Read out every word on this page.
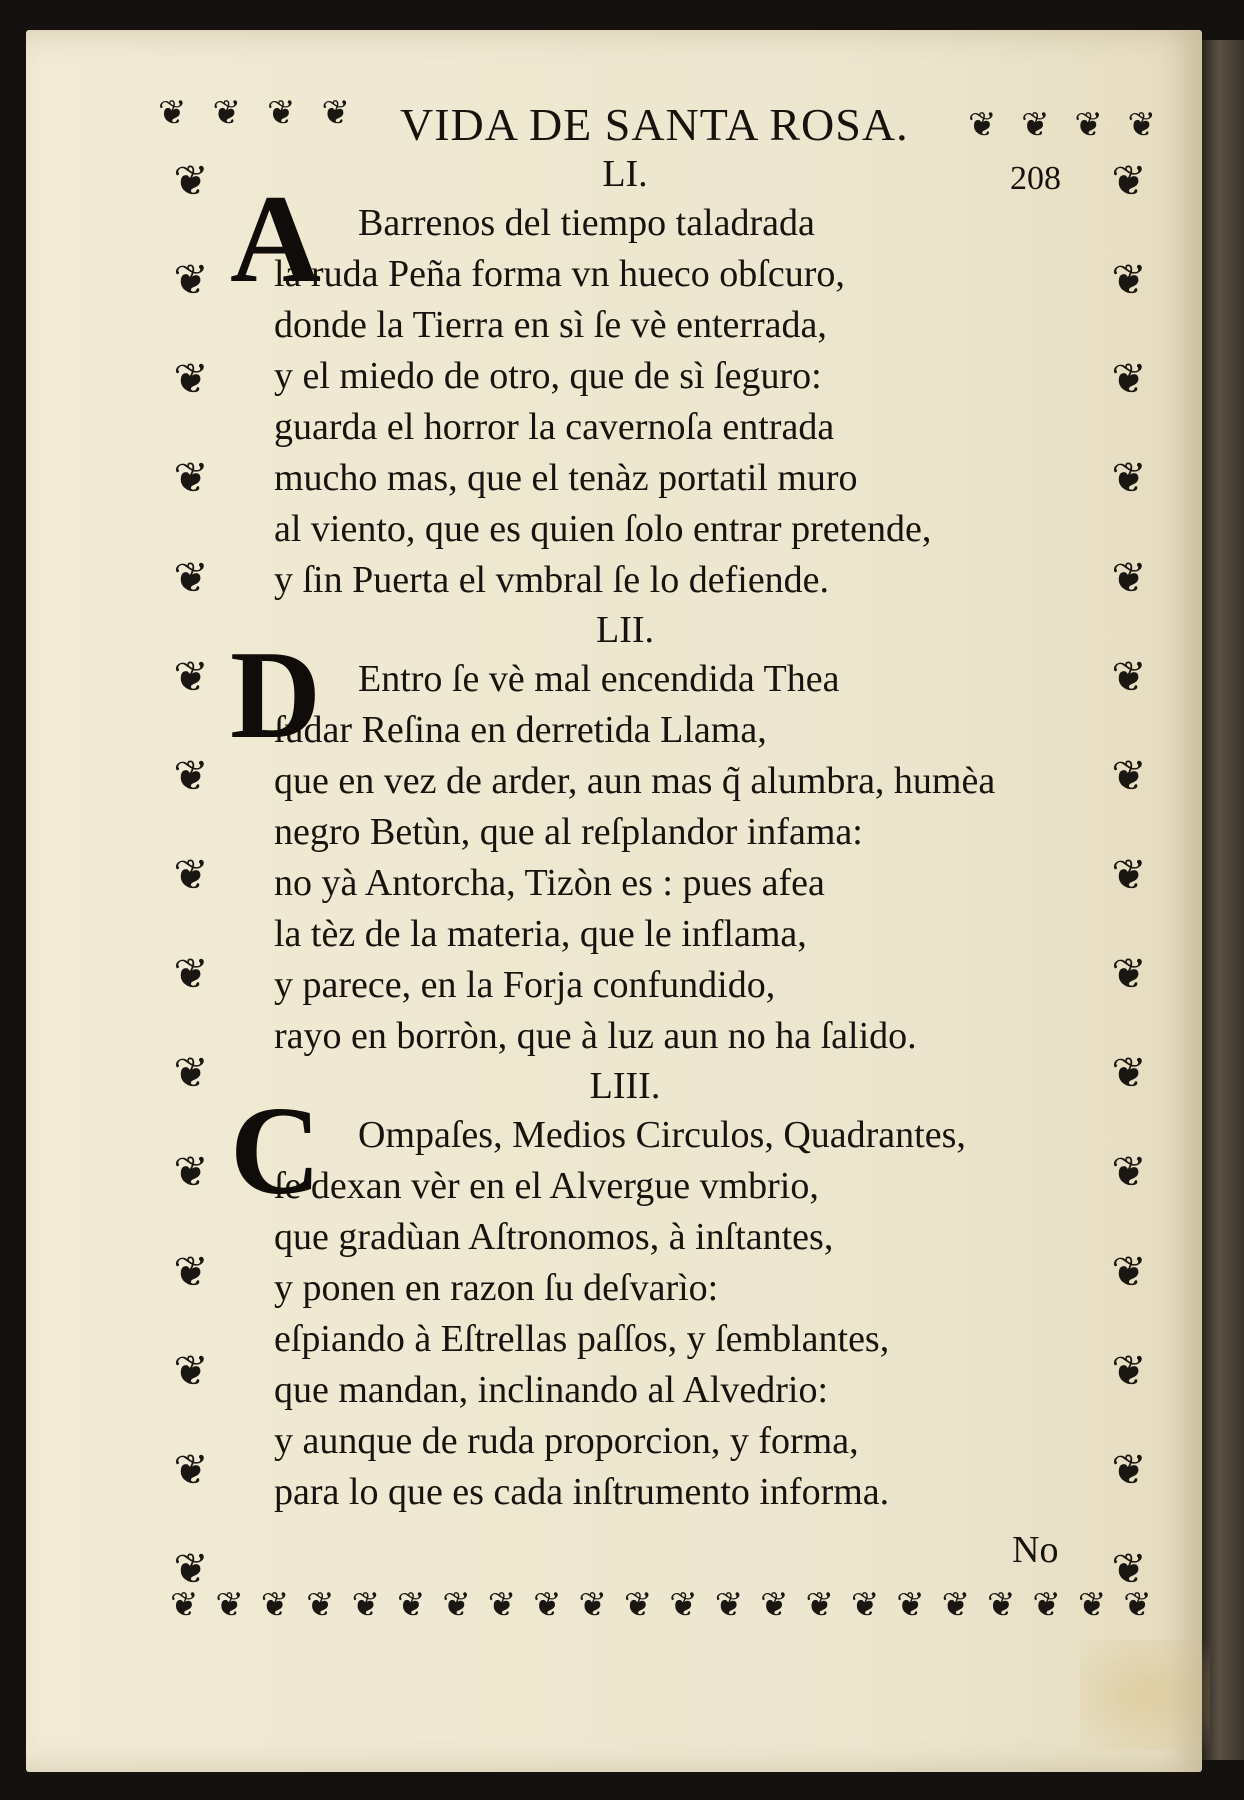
❦ ❦ ❦ ❦	❦ ❦ ❦ ❦
❦
❦
❦
❦
❦
❦
❦
❦
❦
❦
❦
❦
❦
❦
❦
❦
❦
❦
❦
❦
❦
❦
❦
❦
❦
❦
❦
❦
❦
❦
❦ ❦ ❦ ❦ ❦ ❦ ❦ ❦ ❦ ❦ ❦ ❦ ❦ ❦ ❦ ❦ ❦ ❦ ❦ ❦ ❦ ❦
VIDA DE SANTA ROSA.
208
LI.
A Barrenos del tiempo taladrada
la ruda Peña forma vn hueco obſcuro,
donde la Tierra en sì ſe vè enterrada,
y el miedo de otro, que de sì ſeguro:
guarda el horror la cavernoſa entrada
mucho mas, que el tenàz portatil muro
al viento, que es quien ſolo entrar pretende,
y ſin Puerta el vmbral ſe lo defiende.
LII.
D Entro ſe vè mal encendida Thea
ſudar Reſina en derretida Llama,
que en vez de arder, aun mas q̃ alumbra, humèa
negro Betùn, que al reſplandor infama:
no yà Antorcha, Tizòn es : pues afea
la tèz de la materia, que le inflama,
y parece, en la Forja confundido,
rayo en borròn, que à luz aun no ha ſalido.
LIII.
C Ompaſes, Medios Circulos, Quadrantes,
ſe dexan vèr en el Alvergue vmbrio,
que gradùan Aſtronomos, à inſtantes,
y ponen en razon ſu deſvarìo:
eſpiando à Eſtrellas paſſos, y ſemblantes,
que mandan, inclinando al Alvedrio:
y aunque de ruda proporcion, y forma,
para lo que es cada inſtrumento informa.
No
